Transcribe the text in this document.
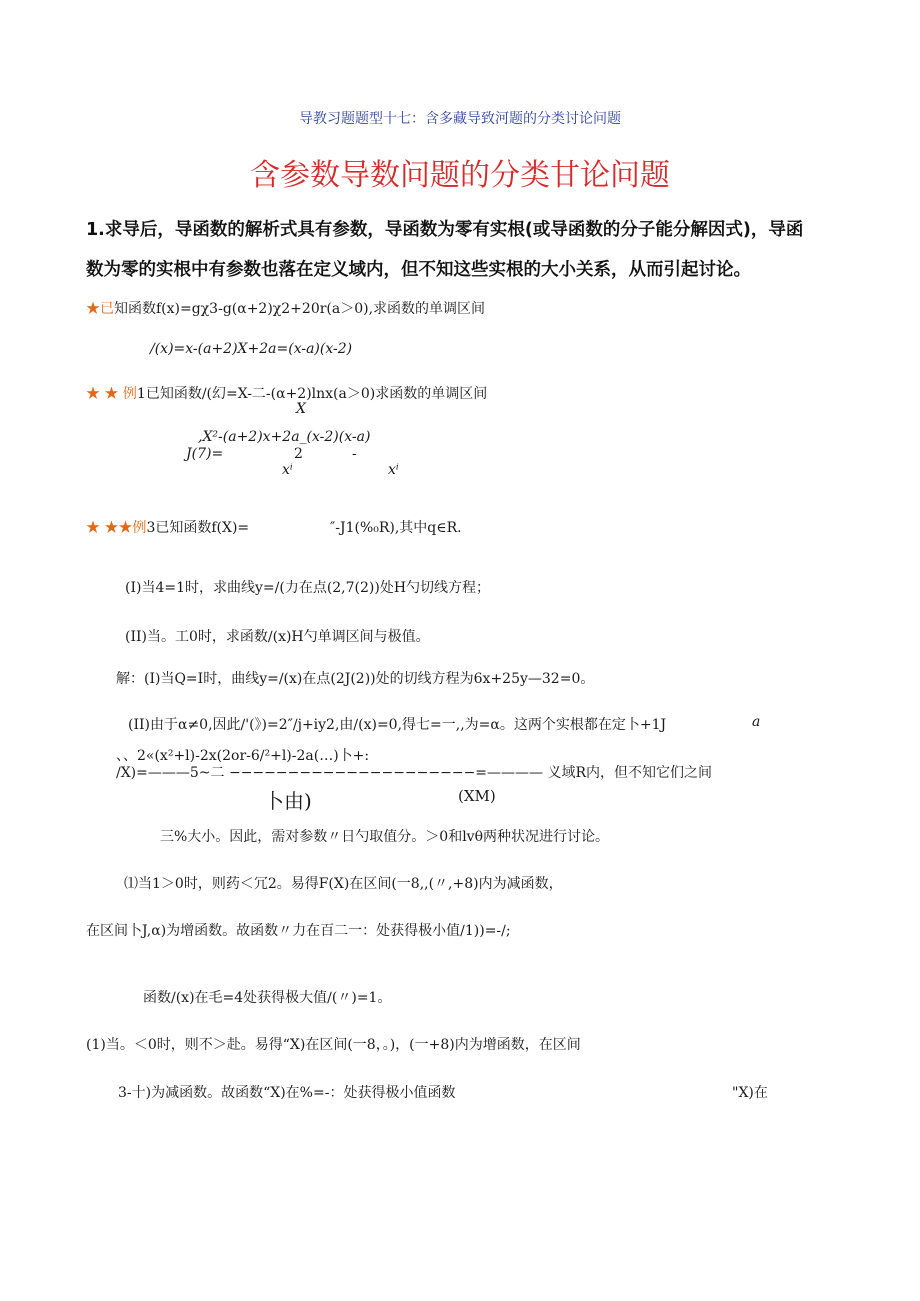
导教习题题型十七：含多藏导致河题的分类讨论问题
含参数导数问题的分类甘论问题
1.求导后，导函数的解析式具有参数，导函数为零有实根(或导函数的分子能分解因式)，导函
数为零的实根中有参数也落在定义域内，但不知这些实根的大小关系，从而引起讨论。
★已知函数f(x)=gχ3-g(α+2)χ2+20r(a＞0),求函数的单调区间
∕(x)=x-(a+2)X+2a=(x-a)(x-2)
★ ★ 例1已知函数∕(幻=X-二-(α+2)lnx(a＞0)求函数的单调区间
X
,X²-(a+2)x+2a_(x-2)(x-a)
J(7)=	2	-
xⁱ	xⁱ
★ ★★例3已知函数f(X)=	″-J1(%₀R),其中q∈R.
(I)当4=1时，求曲线y=∕(力在点(2,7(2))处H勺切线方程；
(II)当。工0时，求函数∕(x)H勺单调区间与极值。
解：(I)当Q=I时，曲线y=∕(x)在点(2J(2))处的切线方程为6x+25y—32=0。
(II)由于α≠0,因此∕'(》)=2″∕j+iy2,由∕(x)=0,得七=一,,为=α。这两个实根都在定卜+1J	a
、、2«(x²+l)-2x(2or-6∕²+l)-2a(…)卜+:
∕X)=———5~二 −−−−−−−−−−−−−−−−−−−−−=———— 义域R内，但不知它们之间
卜由)	(XM)
三%大小。因此，需对参数〃日勺取值分。＞0和lvθ两种状况进行讨论。
⑴当1＞0时，则药＜冗2。易得F(X)在区间(一8,,(〃,+8)内为减函数，
在区间卜J,α)为增函数。故函数〃力在百二一：处获得极小值∕1))=-∕;
函数∕(x)在毛=4处获得极大值∕(〃)=1。
(1)当。＜0时，则不＞赴。易得“X)在区间(一8，。)，(一+8)内为增函数，在区间
3-十)为减函数。故函数“X)在%=-：处获得极小值函数	"X)在
